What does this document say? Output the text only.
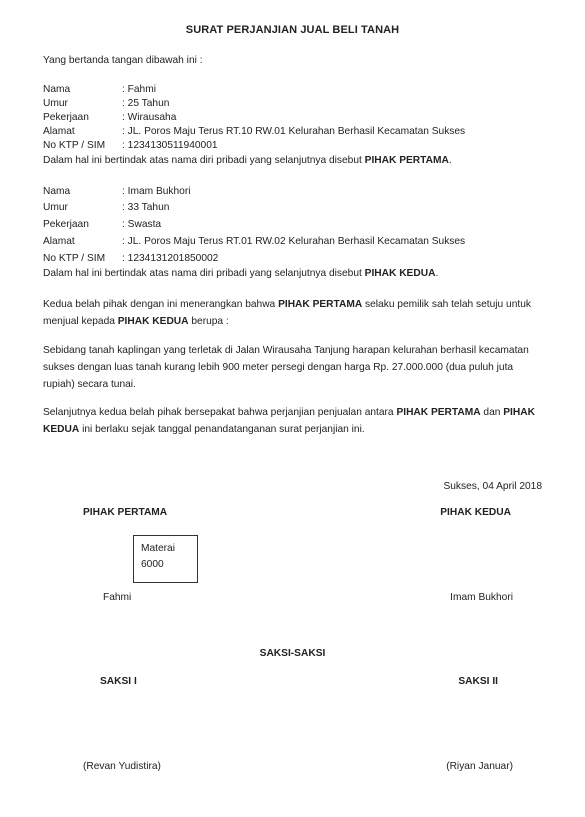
SURAT PERJANJIAN JUAL BELI TANAH
Yang bertanda tangan dibawah ini :
Nama	: Fahmi
Umur	: 25 Tahun
Pekerjaan	: Wirausaha
Alamat	: JL. Poros Maju Terus RT.10 RW.01 Kelurahan Berhasil Kecamatan Sukses
No KTP / SIM : 1234130511940001
Dalam hal ini bertindak atas nama diri pribadi yang selanjutnya disebut PIHAK PERTAMA.
Nama	: Imam Bukhori
Umur	: 33 Tahun
Pekerjaan	: Swasta
Alamat	: JL. Poros Maju Terus RT.01 RW.02 Kelurahan Berhasil Kecamatan Sukses
No KTP / SIM : 1234131201850002
Dalam hal ini bertindak atas nama diri pribadi yang selanjutnya disebut PIHAK KEDUA.
Kedua belah pihak dengan ini menerangkan bahwa PIHAK PERTAMA selaku pemilik sah telah setuju untuk menjual kepada PIHAK KEDUA berupa :
Sebidang tanah kaplingan yang terletak di Jalan Wirausaha Tanjung harapan kelurahan berhasil kecamatan sukses dengan luas tanah kurang lebih 900 meter persegi dengan harga Rp. 27.000.000 (dua puluh juta rupiah) secara tunai.
Selanjutnya kedua belah pihak bersepakat bahwa perjanjian penjualan antara PIHAK PERTAMA dan PIHAK KEDUA ini berlaku sejak tanggal penandatanganan surat perjanjian ini.
Sukses, 04 April 2018
PIHAK PERTAMA	PIHAK KEDUA
Materai
6000
Fahmi	Imam Bukhori
SAKSI-SAKSI
SAKSI I	SAKSI II
(Revan Yudistira)	(Riyan Januar)
